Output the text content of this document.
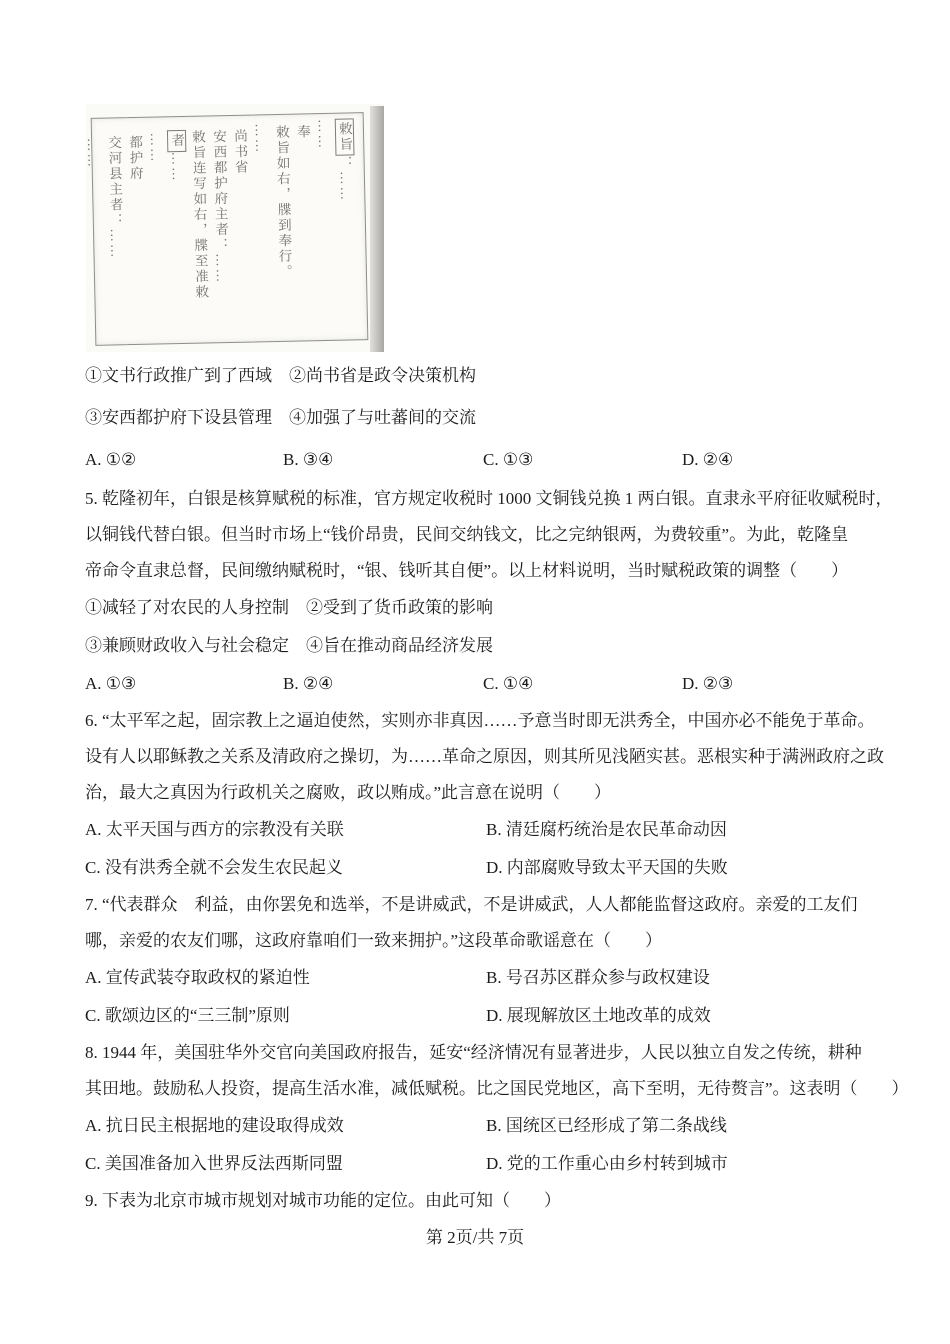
敕旨：……
……
奉
敕旨如右，牒到奉行。
……
尚书省
安西都护府主者：……
敕旨连写如右，牒至准敕者……
……
都护府
交河县主者：……
……
①文书行政推广到了西域　②尚书省是政令决策机构
③安西都护府下设县管理　④加强了与吐蕃间的交流
A. ①②	B. ③④	C. ①③	D. ②④
5. 乾隆初年，白银是核算赋税的标准，官方规定收税时 1000 文铜钱兑换 1 两白银。直隶永平府征收赋税时，
以铜钱代替白银。但当时市场上“钱价昂贵，民间交纳钱文，比之完纳银两，为费较重”。为此，乾隆皇
帝命令直隶总督，民间缴纳赋税时，“银、钱听其自便”。以上材料说明，当时赋税政策的调整（　　）
①减轻了对农民的人身控制　②受到了货币政策的影响
③兼顾财政收入与社会稳定　④旨在推动商品经济发展
A. ①③	B. ②④	C. ①④	D. ②③
6. “太平军之起，固宗教上之逼迫使然，实则亦非真因……予意当时即无洪秀全，中国亦必不能免于革命。
设有人以耶稣教之关系及清政府之操切，为……革命之原因，则其所见浅陋实甚。恶根实种于满洲政府之政
治，最大之真因为行政机关之腐败，政以贿成。”此言意在说明（　　）
A. 太平天国与西方的宗教没有关联	B. 清廷腐朽统治是农民革命动因
C. 没有洪秀全就不会发生农民起义	D. 内部腐败导致太平天国的失败
7. “代表群众　利益，由你罢免和选举，不是讲威武，不是讲威武，人人都能监督这政府。亲爱的工友们
哪，亲爱的农友们哪，这政府靠咱们一致来拥护。”这段革命歌谣意在（　　）
A. 宣传武装夺取政权的紧迫性	B. 号召苏区群众参与政权建设
C. 歌颂边区的“三三制”原则	D. 展现解放区土地改革的成效
8. 1944 年，美国驻华外交官向美国政府报告，延安“经济情况有显著进步，人民以独立自发之传统，耕种
其田地。鼓励私人投资，提高生活水准，减低赋税。比之国民党地区，高下至明，无待赘言”。这表明（　　）
A. 抗日民主根据地的建设取得成效	B. 国统区已经形成了第二条战线
C. 美国准备加入世界反法西斯同盟	D. 党的工作重心由乡村转到城市
9. 下表为北京市城市规划对城市功能的定位。由此可知（　　）
第 2页/共 7页
